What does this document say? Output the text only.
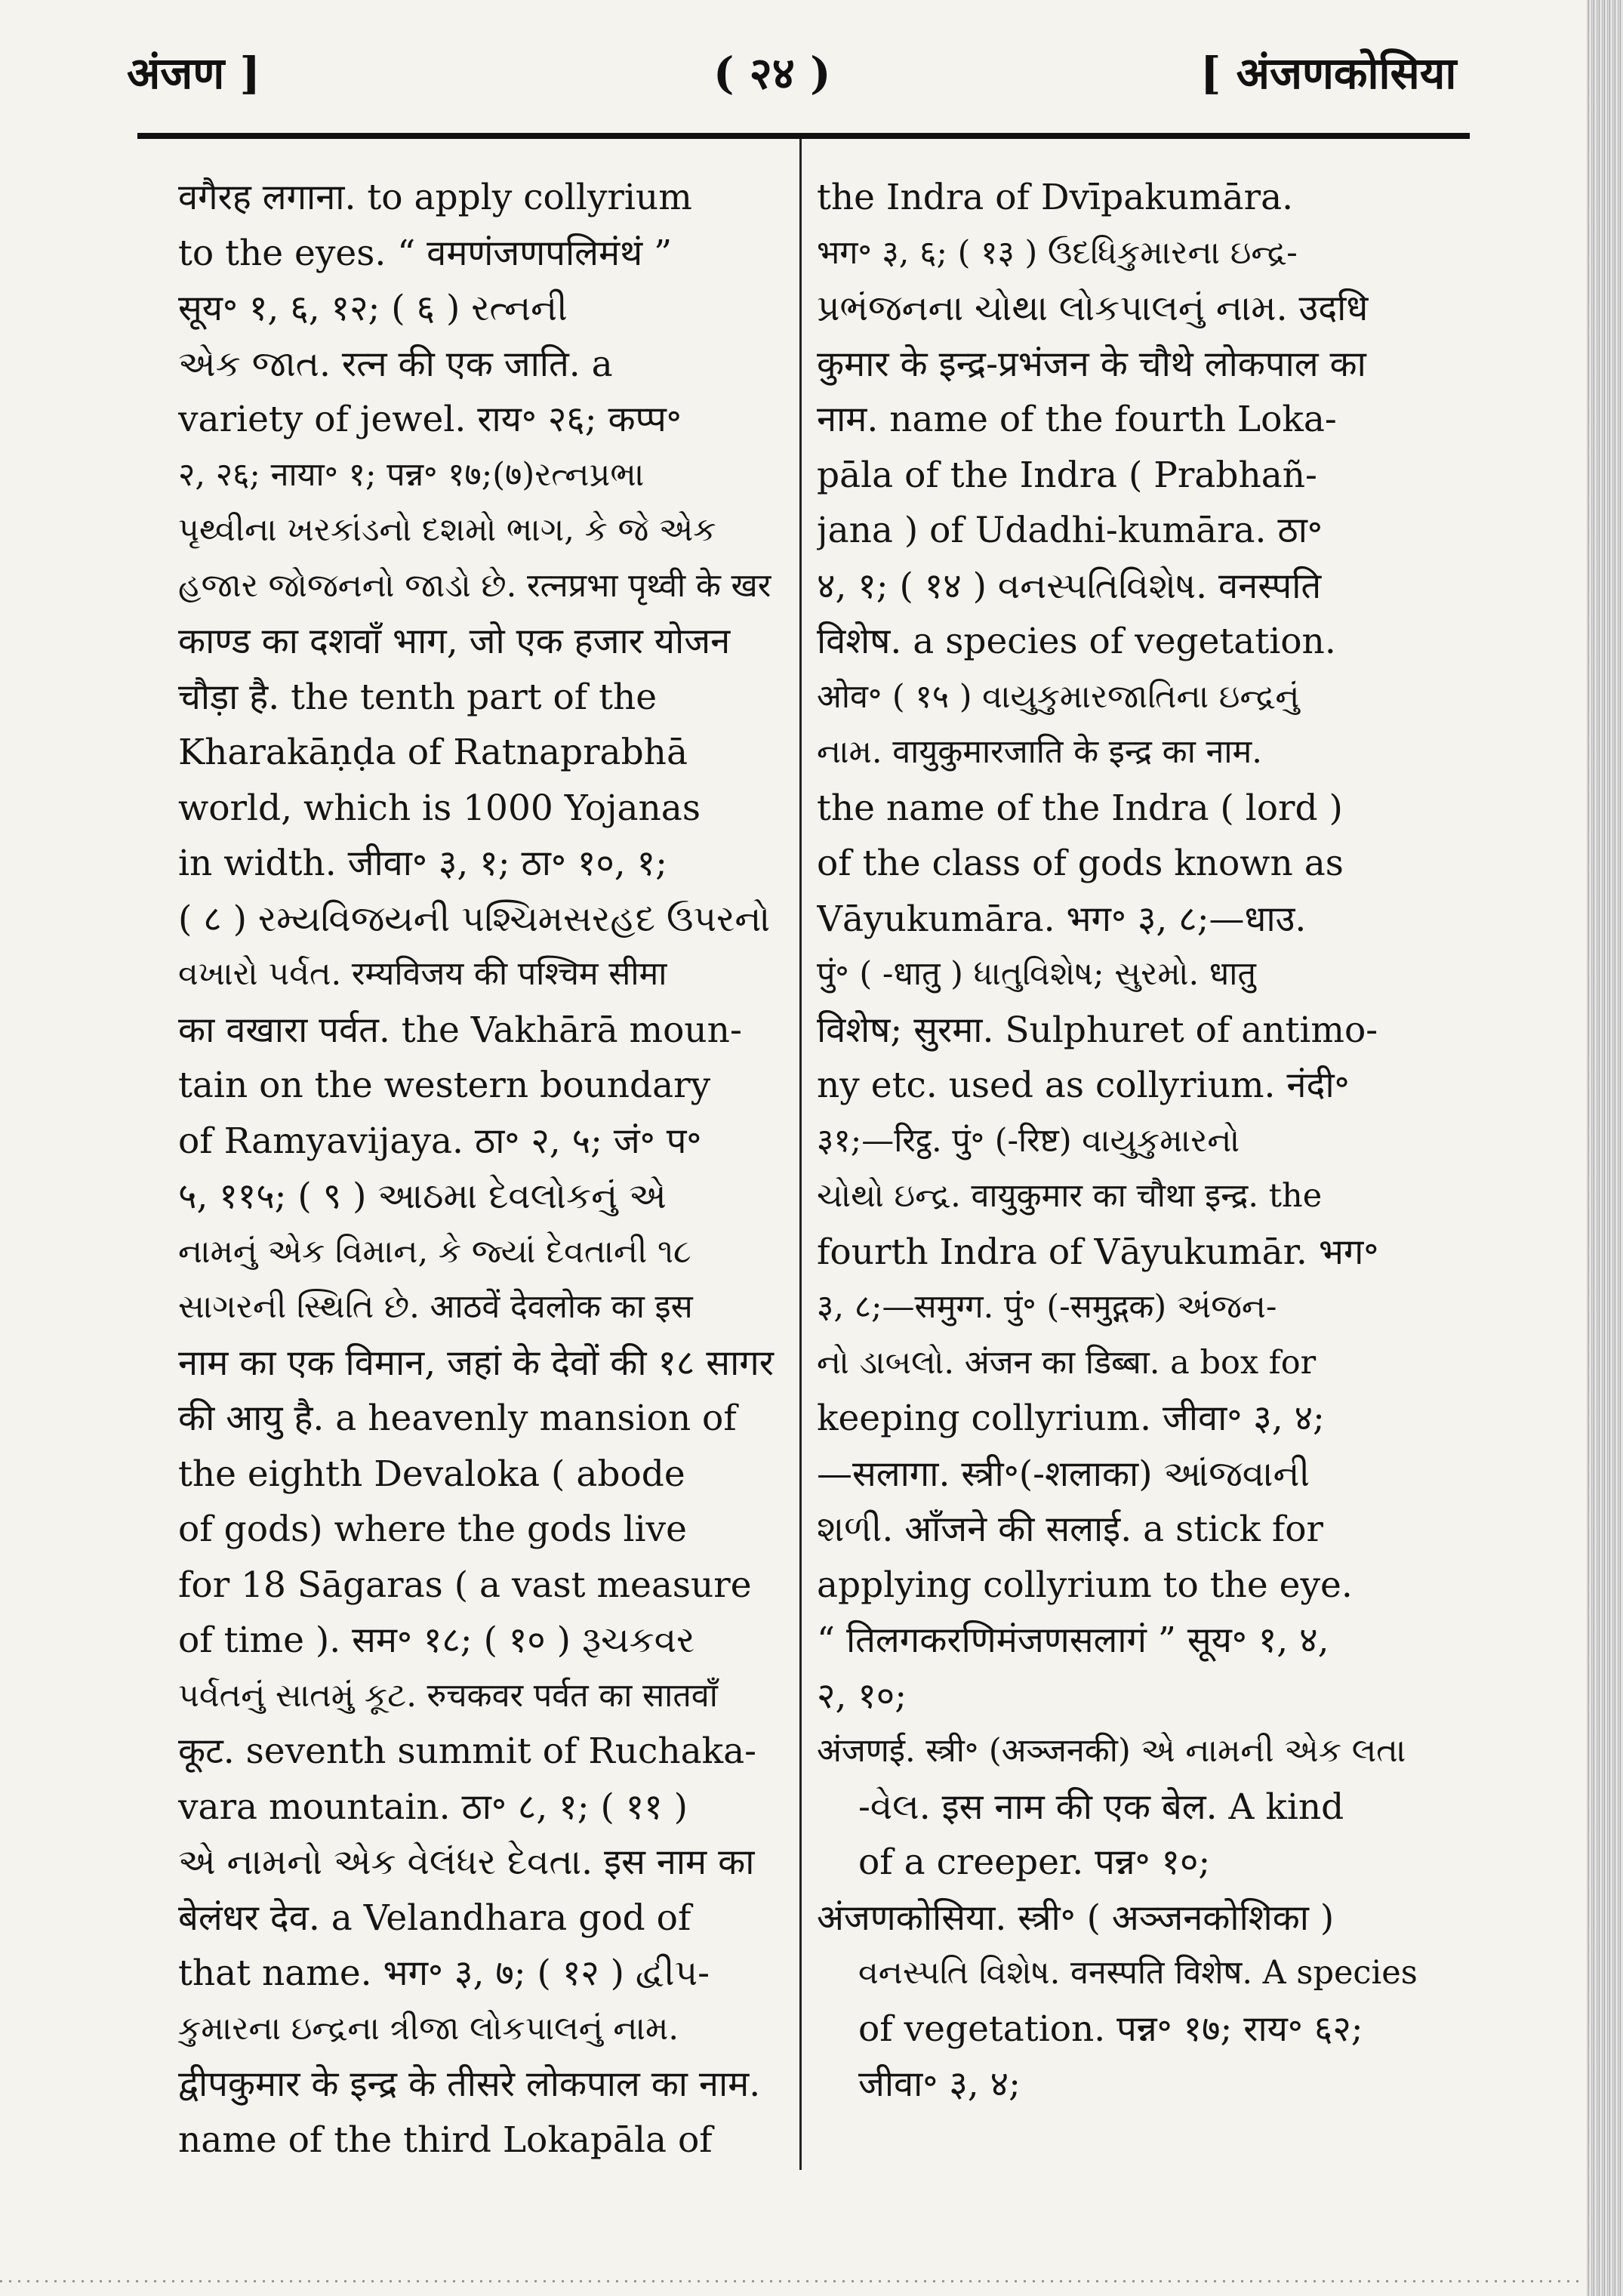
अंजण ]	( २४ )	[ अंजणकोसिया
वगैरह लगाना. to apply collyrium
to the eyes. “ वमणंजणपलिमंथं ”
सूय॰ १, ६, १२; ( ६ ) રત્નની
એક જાત. रत्न की एक जाति. a
variety of jewel. राय॰ २६; कप्प॰
२, २६; नाया॰ १; पन्न॰ १७;(७)રત્નપ્રભા
પૃથ્વીના ખરકાંડનો દશમો ભાગ, કે જે એક
હજાર જોજનનો જાડો છે. रत्नप्रभा पृथ्वी के खर
काण्ड का दशवाँ भाग, जो एक हजार योजन
चौड़ा है. the tenth part of the
Kharakāṇḍa of Ratnaprabhā
world, which is 1000 Yojanas
in width. जीवा॰ ३, १; ठा॰ १०, १;
( ८ ) રમ્યવિજયની પશ્ચિમસરહદ ઉપરનો
વખારો પર્વત. रम्यविजय की पश्चिम सीमा
का वखारा पर्वत. the Vakhārā moun-
tain on the western boundary
of Ramyavijaya. ठा॰ २, ५; जं॰ प॰
५, ११५; ( ९ ) આઠમા દેવલોકનું એ
નામનું એક વિમાન, કે જ્યાં દેવતાની ૧૮
સાગરની સ્થિતિ છે. आठवें देवलोक का इस
नाम का एक विमान, जहां के देवों की १८ सागर
की आयु है. a heavenly mansion of
the eighth Devaloka ( abode
of gods) where the gods live
for 18 Sāgaras ( a vast measure
of time ). सम॰ १८; ( १० ) રૂચકવર
પર્વતનું સાતમું કૂટ. रुचकवर पर्वत का सातवाँ
कूट. seventh summit of Ruchaka-
vara mountain. ठा॰ ८, १; ( ११ )
એ નામનો એક વેલંધર દેવતા. इस नाम का
बेलंधर देव. a Velandhara god of
that name. भग॰ ३, ७; ( १२ ) દ્વીપ-
કુમારના ઇન્દ્રના ત્રીજા લોકપાલનું નામ.
द्वीपकुमार के इन्द्र के तीसरे लोकपाल का नाम.
name of the third Lokapāla of
the Indra of Dvīpakumāra.
भग॰ ३, ६; ( १३ ) ઉદધિકુમારના ઇન્દ્ર-
પ્રભંજનના ચોથા લોકપાલનું નામ. उदधि
कुमार के इन्द्र-प्रभंजन के चौथे लोकपाल का
नाम. name of the fourth Loka-
pāla of the Indra ( Prabhañ-
jana ) of Udadhi-kumāra. ठा॰
४, १; ( १४ ) વનસ્પતિવિશેષ. वनस्पति
विशेष. a species of vegetation.
ओव॰ ( १५ ) વાયુકુમારજાતિના ઇન્દ્રનું
નામ. वायुकुमारजाति के इन्द्र का नाम.
the name of the Indra ( lord )
of the class of gods known as
Vāyukumāra. भग॰ ३, ८;—धाउ.
पुं॰ ( -धातु ) ધાતુવિશેષ; સુરમો. धातु
विशेष; सुरमा. Sulphuret of antimo-
ny etc. used as collyrium. नंदी॰
३१;—रिट्ठ. पुं॰ (-रिष्ट) વાયુકુમારનો
ચોથો ઇન્દ્ર. वायुकुमार का चौथा इन्द्र. the
fourth Indra of Vāyukumār. भग॰
३, ८;—समुग्ग. पुं॰ (-समुद्गक) અંજન-
નો ડાબલો. अंजन का डिब्बा. a box for
keeping collyrium. जीवा॰ ३, ४;
—सलागा. स्त्री॰(-शलाका) આંજવાની
શળી. आँजने की सलाई. a stick for
applying collyrium to the eye.
“ तिलगकरणिमंजणसलागं ” सूय॰ १, ४,
२, १०;
अंजणई. स्त्री॰ (अञ्जनकी) એ નામની એક લતા
-વેલ. इस नाम की एक बेल. A kind
of a creeper. पन्न॰ १०;
अंजणकोसिया. स्त्री॰ ( अञ्जनकोशिका )
વનસ્પતિ વિશેષ. वनस्पति विशेष. A species
of vegetation. पन्न॰ १७; राय॰ ६२;
जीवा॰ ३, ४;
